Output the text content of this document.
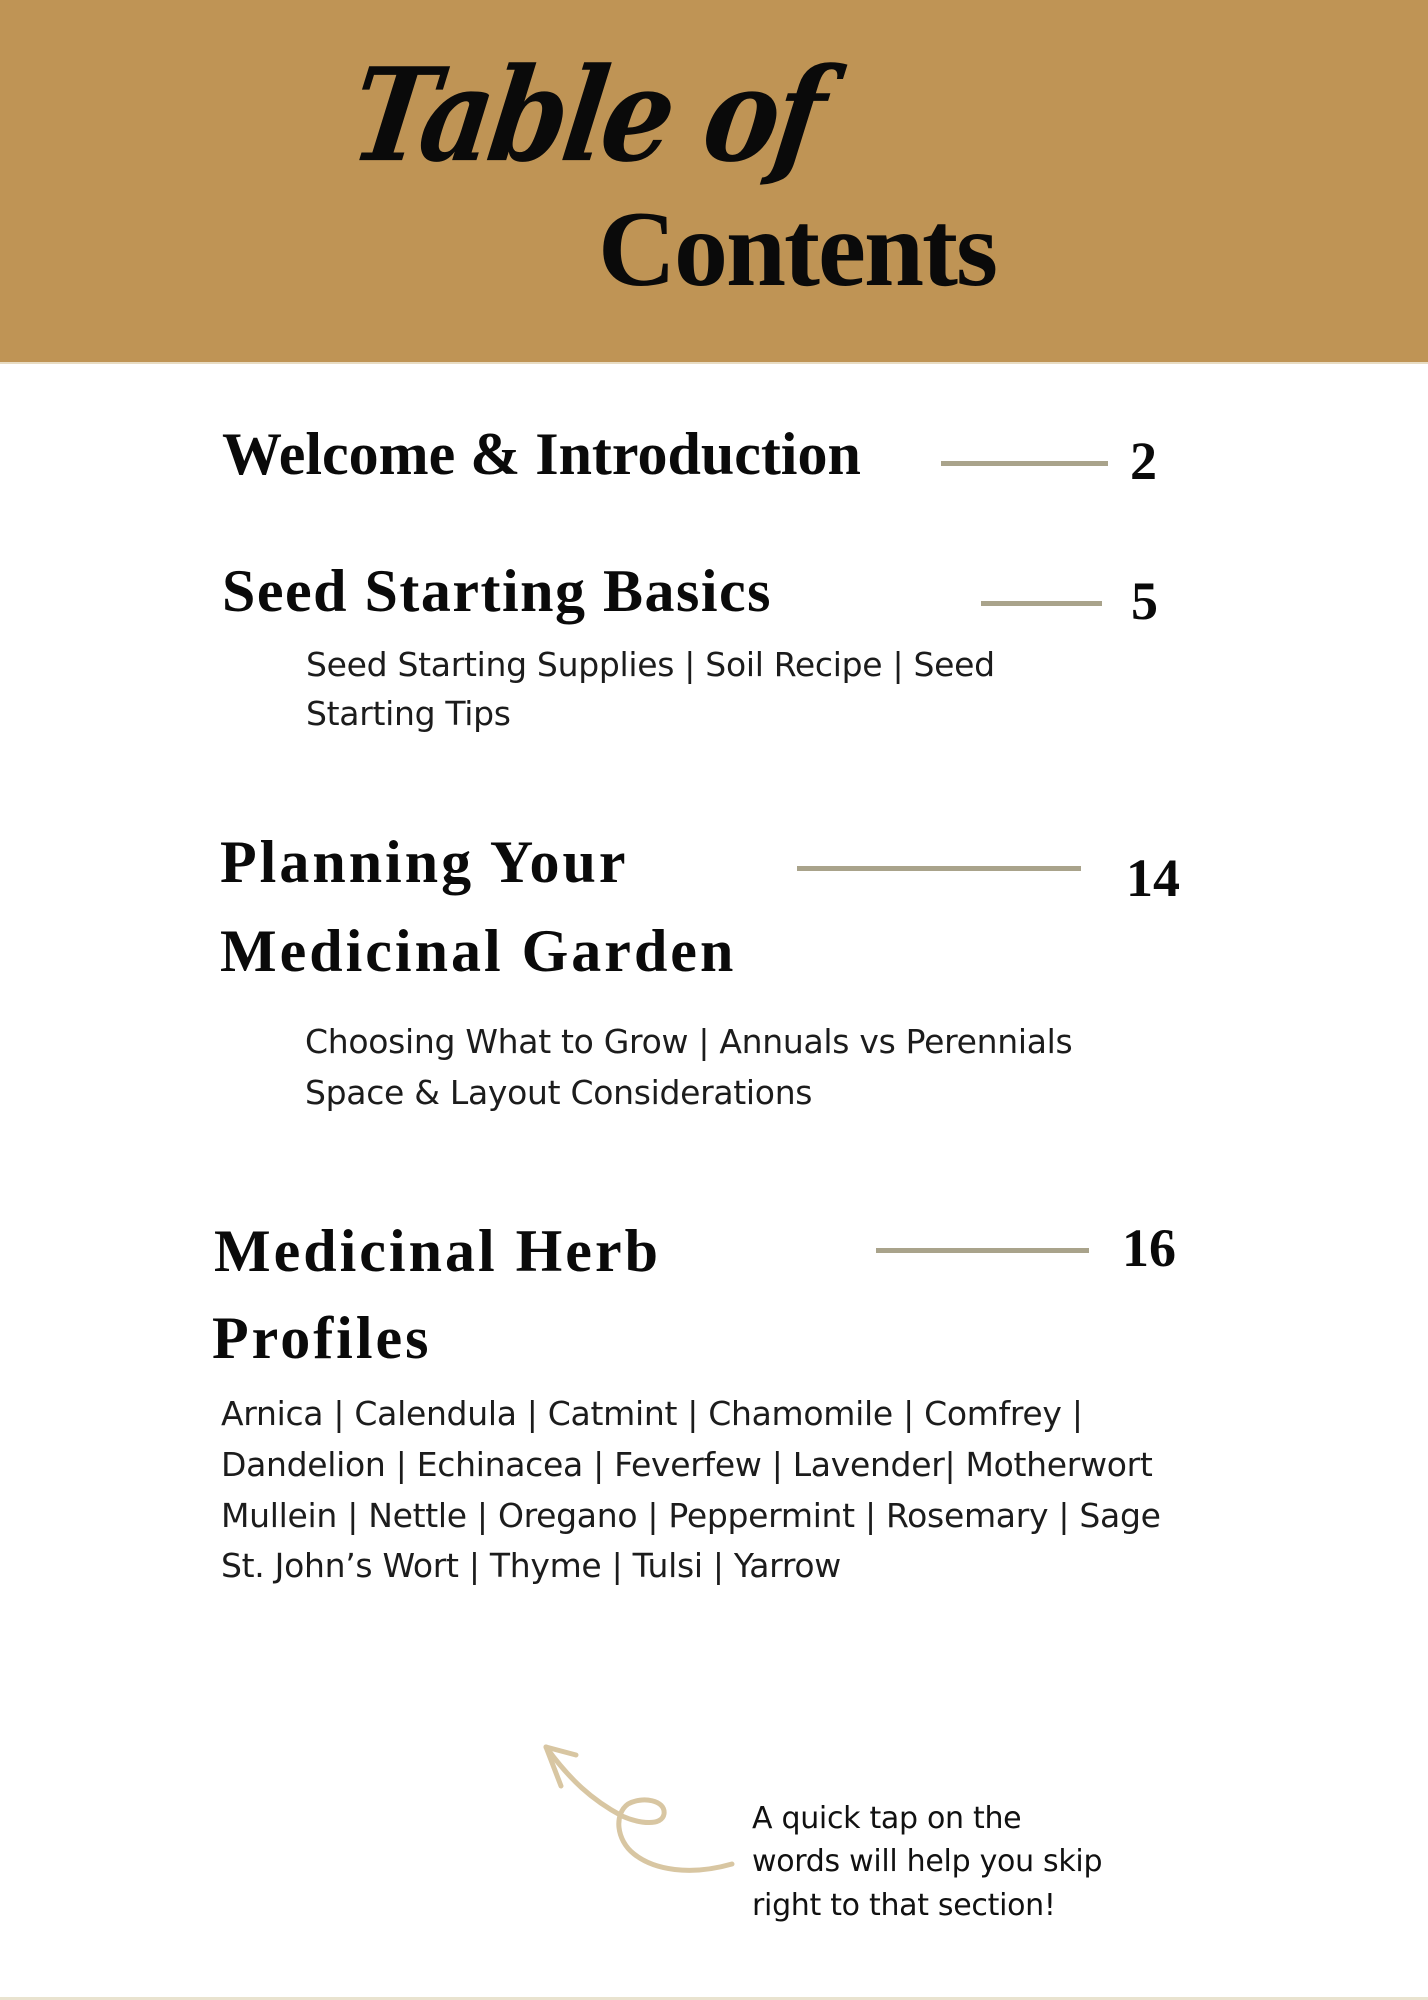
Table of
Contents
Welcome & Introduction	2
Seed Starting Basics	5
Seed Starting Supplies | Soil Recipe | Seed
Starting Tips
Planning Your
Medicinal Garden
14
Choosing What to Grow | Annuals vs Perennials
Space & Layout Considerations
Medicinal Herb
Profiles
16
Arnica | Calendula | Catmint | Chamomile | Comfrey |
Dandelion | Echinacea | Feverfew | Lavender| Motherwort
Mullein | Nettle | Oregano | Peppermint | Rosemary | Sage
St. John’s Wort | Thyme | Tulsi | Yarrow
A quick tap on the
words will help you skip
right to that section!
